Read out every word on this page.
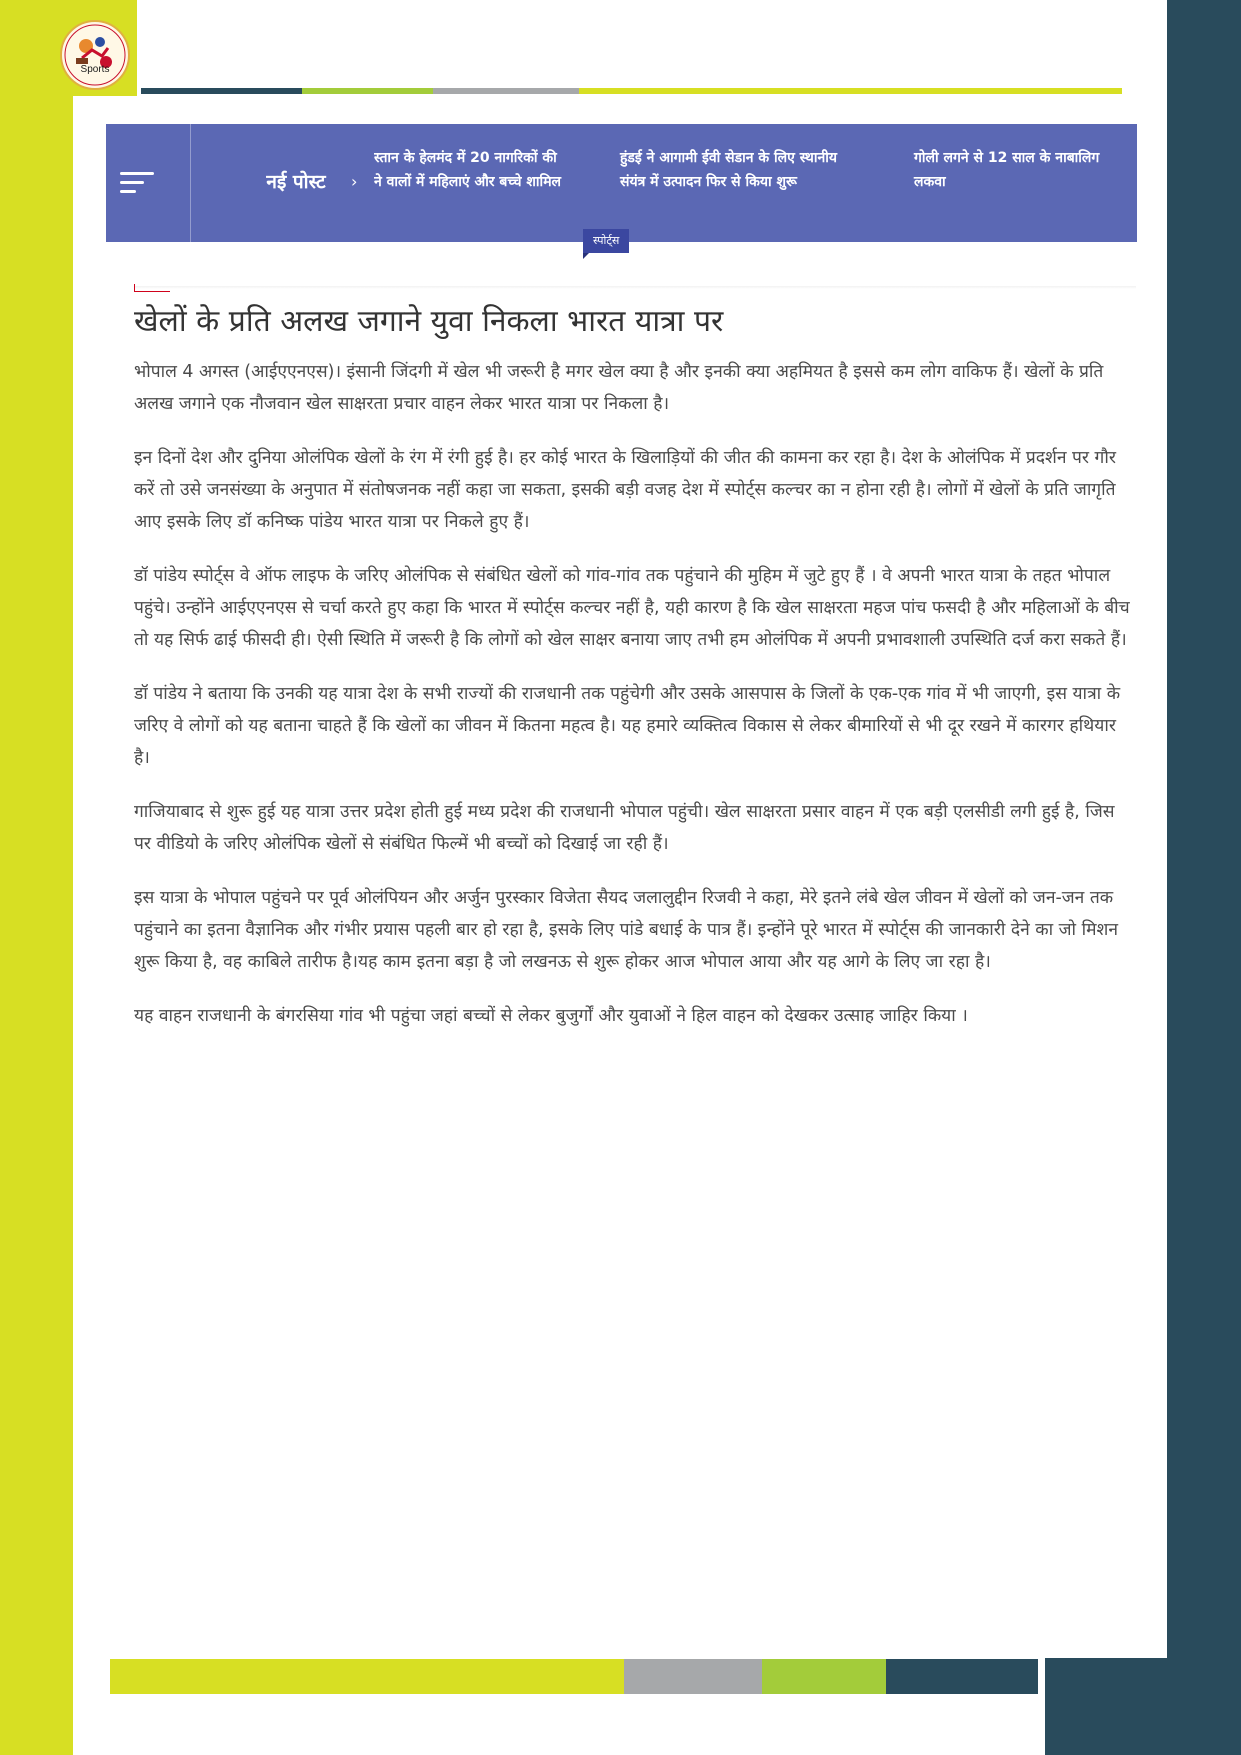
Sports
नई पोस्ट	›
स्तान के हेलमंद में 20 नागरिकों की
ने वालों में महिलाएं और बच्चे शामिल
हुंडई ने आगामी ईवी सेडान के लिए स्थानीय
संयंत्र में उत्पादन फिर से किया शुरू
गोली लगने से 12 साल के नाबालिग
लकवा
स्पोर्ट्स
खेलों के प्रति अलख जगाने युवा निकला भारत यात्रा पर

भोपाल 4 अगस्त (आईएएनएस)। इंसानी जिंदगी में खेल भी जरूरी है मगर खेल क्या है और इनकी क्या अहमियत है इससे कम लोग वाकिफ हैं। खेलों के प्रति अलख जगाने एक नौजवान खेल साक्षरता प्रचार वाहन लेकर भारत यात्रा पर निकला है।

इन दिनों देश और दुनिया ओलंपिक खेलों के रंग में रंगी हुई है। हर कोई भारत के खिलाड़ियों की जीत की कामना कर रहा है। देश के ओलंपिक में प्रदर्शन पर गौर करें तो उसे जनसंख्या के अनुपात में संतोषजनक नहीं कहा जा सकता, इसकी बड़ी वजह देश में स्पोर्ट्स कल्चर का न होना रही है। लोगों में खेलों के प्रति जागृति आए इसके लिए डॉ कनिष्क पांडेय भारत यात्रा पर निकले हुए हैं।

डॉ पांडेय स्पोर्ट्स वे ऑफ लाइफ के जरिए ओलंपिक से संबंधित खेलों को गांव-गांव तक पहुंचाने की मुहिम में जुटे हुए हैं । वे अपनी भारत यात्रा के तहत भोपाल पहुंचे। उन्होंने आईएएनएस से चर्चा करते हुए कहा कि भारत में स्पोर्ट्स कल्चर नहीं है, यही कारण है कि खेल साक्षरता महज पांच फसदी है और महिलाओं के बीच तो यह सिर्फ ढाई फीसदी ही। ऐसी स्थिति में जरूरी है कि लोगों को खेल साक्षर बनाया जाए तभी हम ओलंपिक में अपनी प्रभावशाली उपस्थिति दर्ज करा सकते हैं।

डॉ पांडेय ने बताया कि उनकी यह यात्रा देश के सभी राज्यों की राजधानी तक पहुंचेगी और उसके आसपास के जिलों के एक-एक गांव में भी जाएगी, इस यात्रा के जरिए वे लोगों को यह बताना चाहते हैं कि खेलों का जीवन में कितना महत्व है। यह हमारे व्यक्तित्व विकास से लेकर बीमारियों से भी दूर रखने में कारगर हथियार है।

गाजियाबाद से शुरू हुई यह यात्रा उत्तर प्रदेश होती हुई मध्य प्रदेश की राजधानी भोपाल पहुंची। खेल साक्षरता प्रसार वाहन में एक बड़ी एलसीडी लगी हुई है, जिस पर वीडियो के जरिए ओलंपिक खेलों से संबंधित फिल्में भी बच्चों को दिखाई जा रही हैं।

इस यात्रा के भोपाल पहुंचने पर पूर्व ओलंपियन और अर्जुन पुरस्कार विजेता सैयद जलालुद्दीन रिजवी ने कहा, मेरे इतने लंबे खेल जीवन में खेलों को जन-जन तक पहुंचाने का इतना वैज्ञानिक और गंभीर प्रयास पहली बार हो रहा है, इसके लिए पांडे बधाई के पात्र हैं। इन्होंने पूरे भारत में स्पोर्ट्स की जानकारी देने का जो मिशन शुरू किया है, वह काबिले तारीफ है।यह काम इतना बड़ा है जो लखनऊ से शुरू होकर आज भोपाल आया और यह आगे के लिए जा रहा है।

यह वाहन राजधानी के बंगरसिया गांव भी पहुंचा जहां बच्चों से लेकर बुजुर्गों और युवाओं ने हिल वाहन को देखकर उत्साह जाहिर किया ।
